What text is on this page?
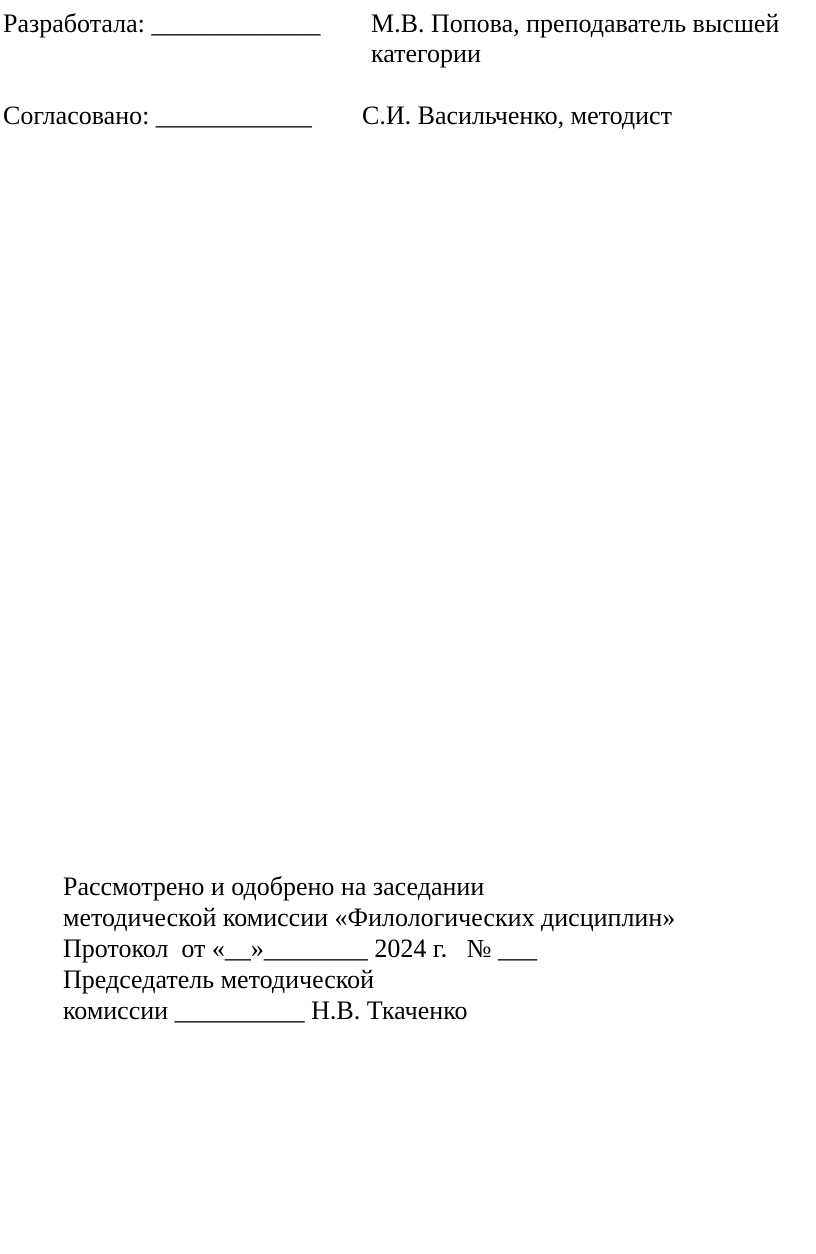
Разработала: _____________ М.В. Попова, преподаватель высшей
категории
Согласовано: ____________ С.И. Васильченко, методист
Рассмотрено и одобрено на заседании
методической комиссии «Филологических дисциплин»
Протокол  от «__»________ 2024 г.   № ___
Председатель методической
комиссии __________ Н.В. Ткаченко
